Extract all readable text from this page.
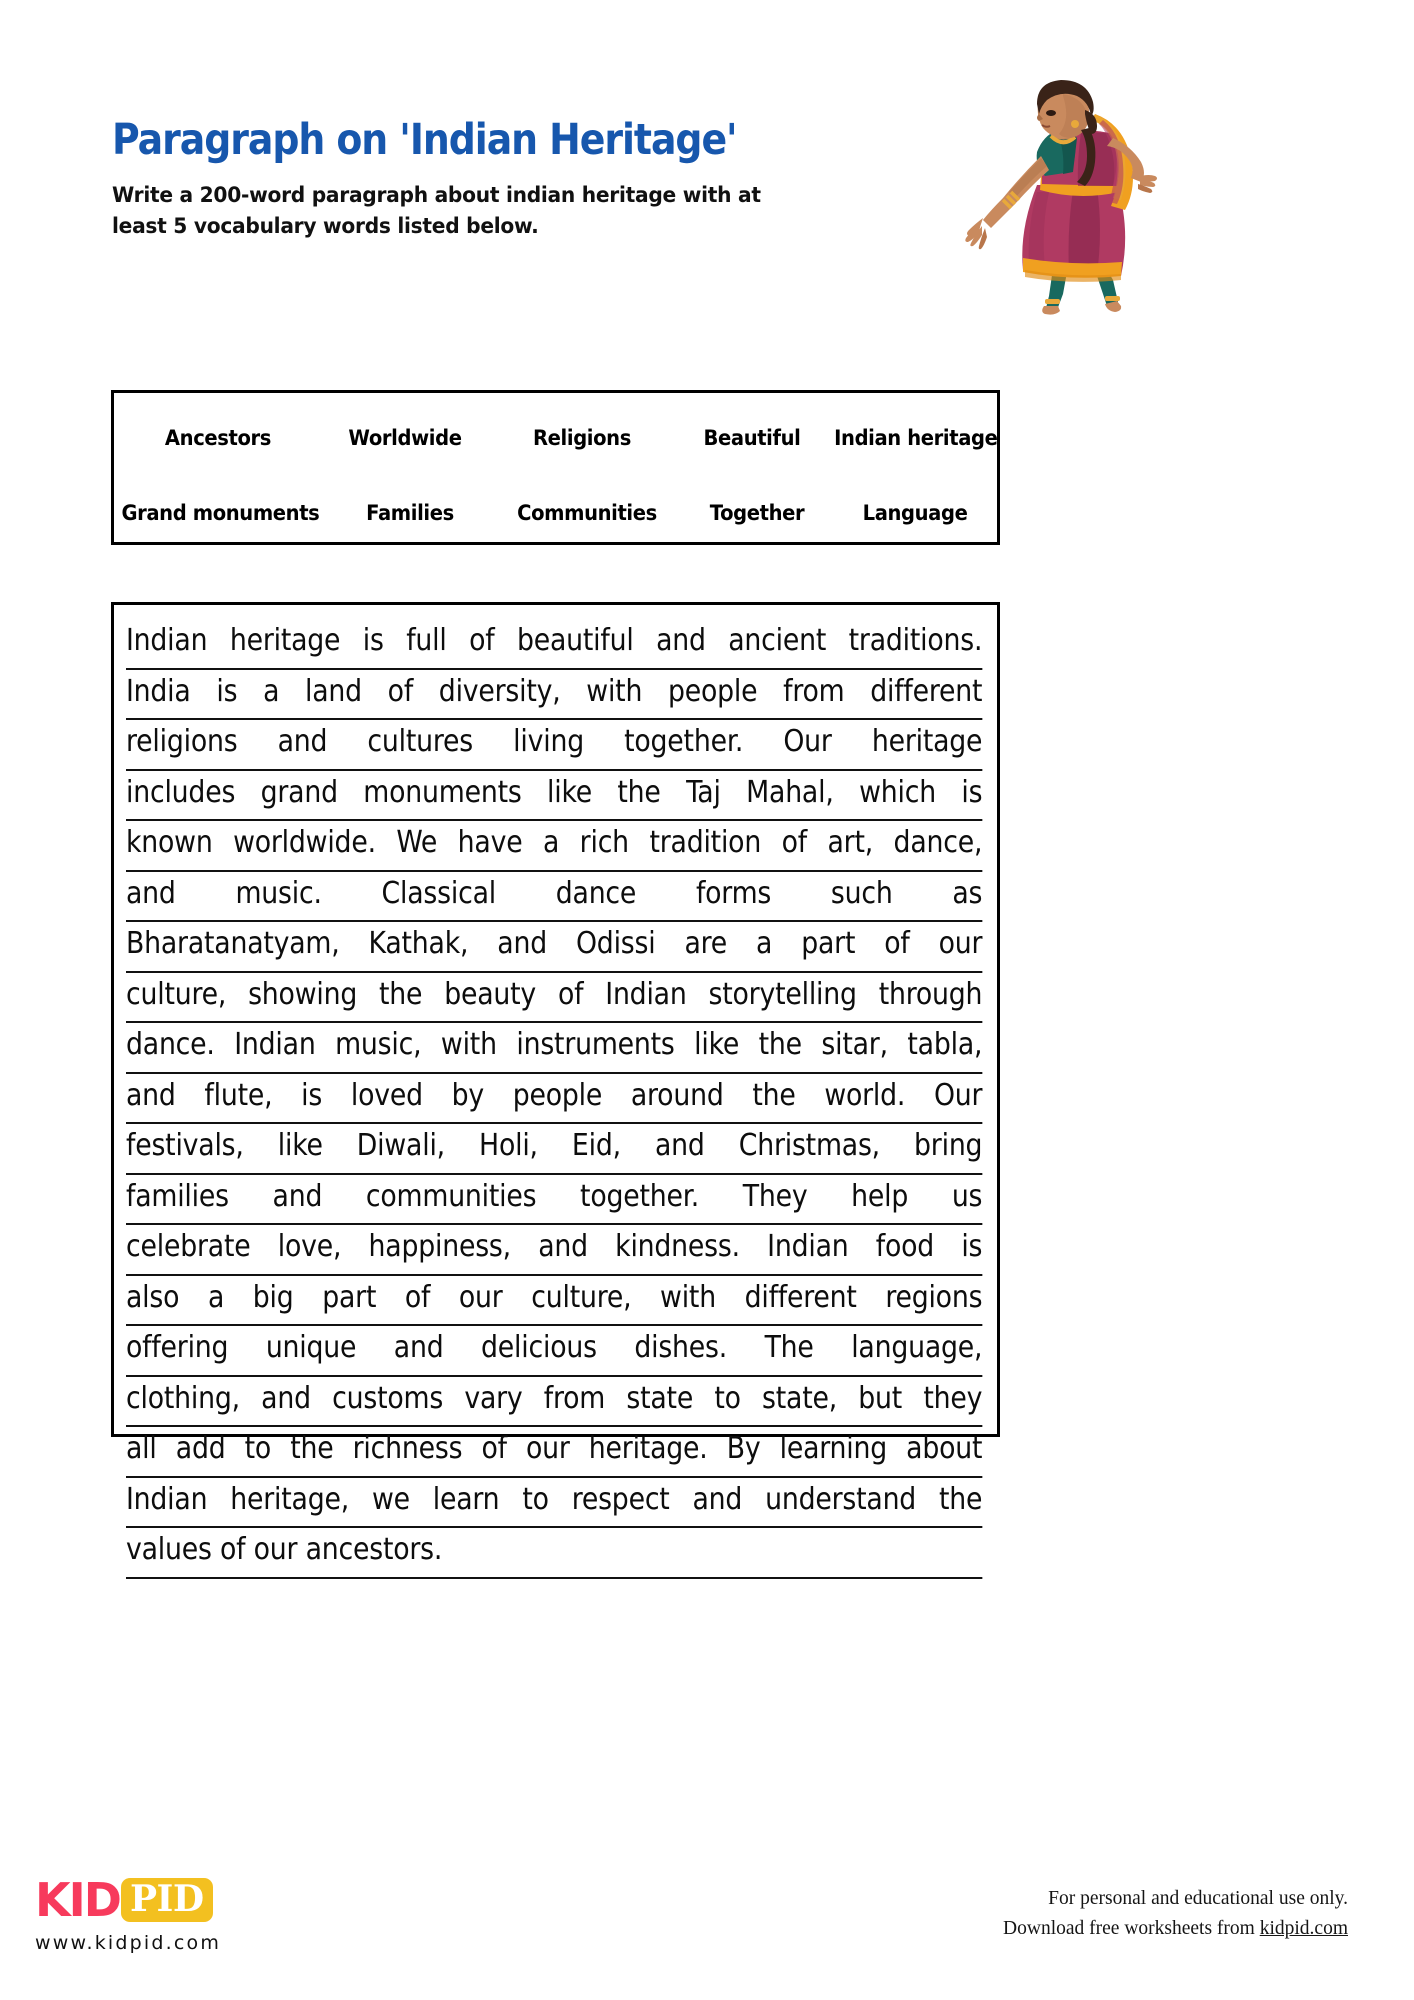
Paragraph on 'Indian Heritage'
Write a 200-word paragraph about indian heritage with at least 5 vocabulary words listed below.
Ancestors	Worldwide	Religions	Beautiful	Indian heritage
Grand monuments	Families	Communities	Together	Language
Indian heritage is full of beautiful and ancient traditions.
India is a land of diversity, with people from different
religions and cultures living together. Our heritage
includes grand monuments like the Taj Mahal, which is
known worldwide. We have a rich tradition of art, dance,
and music. Classical dance forms such as
Bharatanatyam, Kathak, and Odissi are a part of our
culture, showing the beauty of Indian storytelling through
dance. Indian music, with instruments like the sitar, tabla,
and flute, is loved by people around the world. Our
festivals, like Diwali, Holi, Eid, and Christmas, bring
families and communities together. They help us
celebrate love, happiness, and kindness. Indian food is
also a big part of our culture, with different regions
offering unique and delicious dishes. The language,
clothing, and customs vary from state to state, but they
all add to the richness of our heritage. By learning about
Indian heritage, we learn to respect and understand the
values of our ancestors.
KID PID
www.kidpid.com
For personal and educational use only.
Download free worksheets from kidpid.com
